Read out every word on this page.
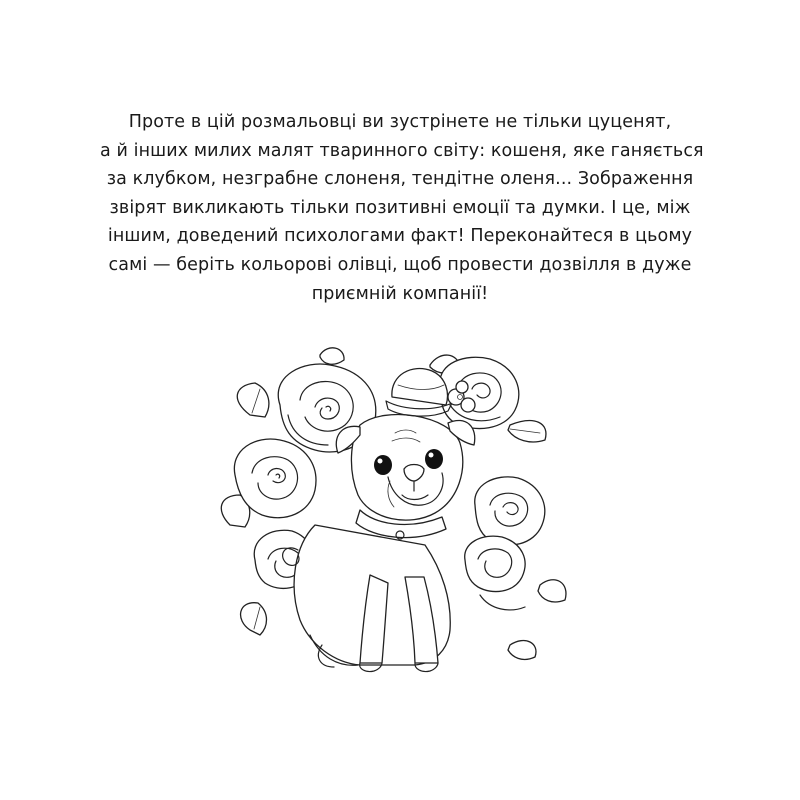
Проте в цій розмальовці ви зустрінете не тільки цуценят,
а й інших милих малят тваринного світу: кошеня, яке ганяється
за клубком, незграбне слоненя, тендітне оленя... Зображення
звірят викликають тільки позитивні емоції та думки. І це, між
іншим, доведений психологами факт! Переконайтеся в цьому
самі — беріть кольорові олівці, щоб провести дозвілля в дуже
приємній компанії!
